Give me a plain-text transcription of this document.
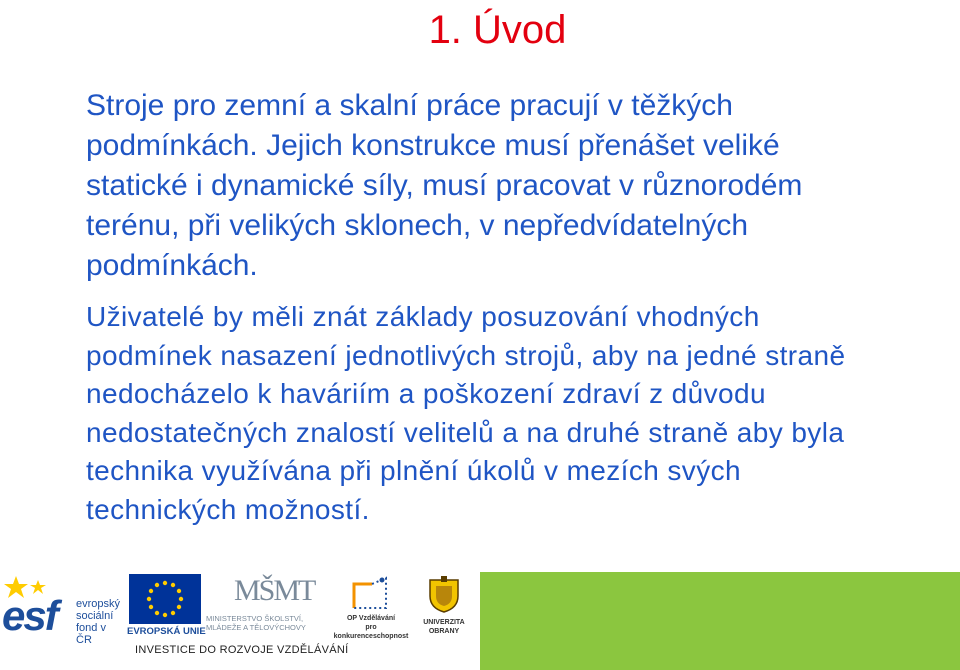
1. Úvod

Stroje pro zemní a skalní práce pracují v těžkých podmínkách. Jejich konstrukce musí přenášet veliké statické i dynamické síly, musí pracovat v různorodém terénu, při velikých sklonech, v nepředvídatelných podmínkách.

Uživatelé by měli znát základy posuzování vhodných podmínek nasazení jednotlivých strojů, aby na jedné straně nedocházelo k haváriím a poškození zdraví z důvodu nedostatečných znalostí velitelů a na druhé straně aby byla technika využívána při plnění úkolů v mezích svých technických možností.

esf evropský
sociální
fond v ČR
EVROPSKÁ UNIE
MŠMT
MINISTERSTVO ŠKOLSTVÍ,
MLÁDEŽE A TĚLOVÝCHOVY
OP Vzdělávání
pro konkurenceschopnost
UNIVERZITA
OBRANY
INVESTICE DO ROZVOJE VZDĚLÁVÁNÍ
